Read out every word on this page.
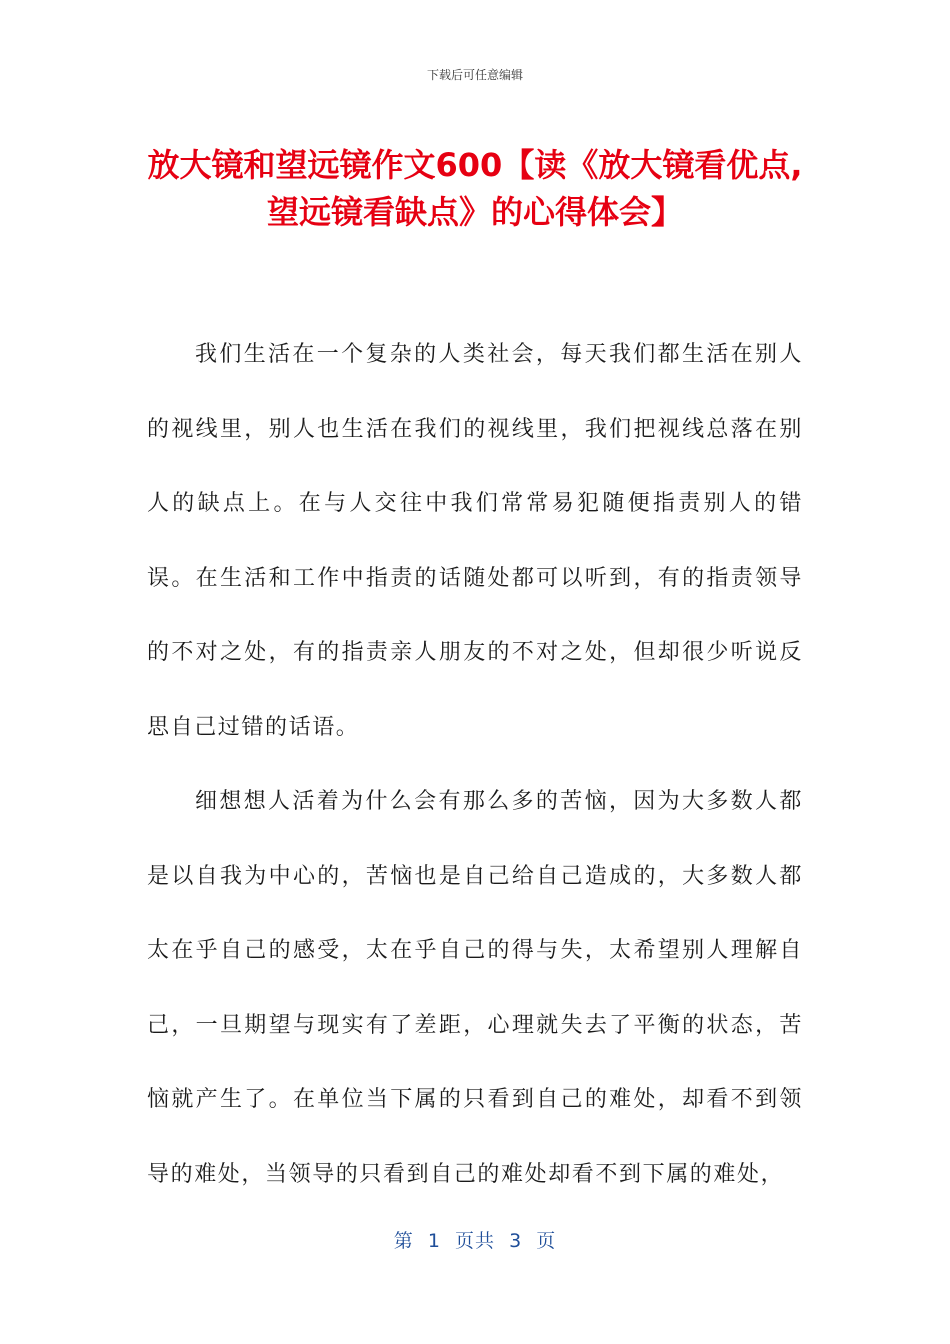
下载后可任意编辑
放大镜和望远镜作文600【读《放大镜看优点,望远镜看缺点》的心得体会】

我们生活在一个复杂的人类社会，每天我们都生活在别人的视线里，别人也生活在我们的视线里，我们把视线总落在别人的缺点上。在与人交往中我们常常易犯随便指责别人的错误。在生活和工作中指责的话随处都可以听到，有的指责领导的不对之处，有的指责亲人朋友的不对之处，但却很少听说反思自己过错的话语。

细想想人活着为什么会有那么多的苦恼，因为大多数人都是以自我为中心的，苦恼也是自己给自己造成的，大多数人都太在乎自己的感受，太在乎自己的得与失，太希望别人理解自己，一旦期望与现实有了差距，心理就失去了平衡的状态，苦恼就产生了。在单位当下属的只看到自己的难处，却看不到领导的难处，当领导的只看到自己的难处却看不到下属的难处，

第  1  页共  3  页
